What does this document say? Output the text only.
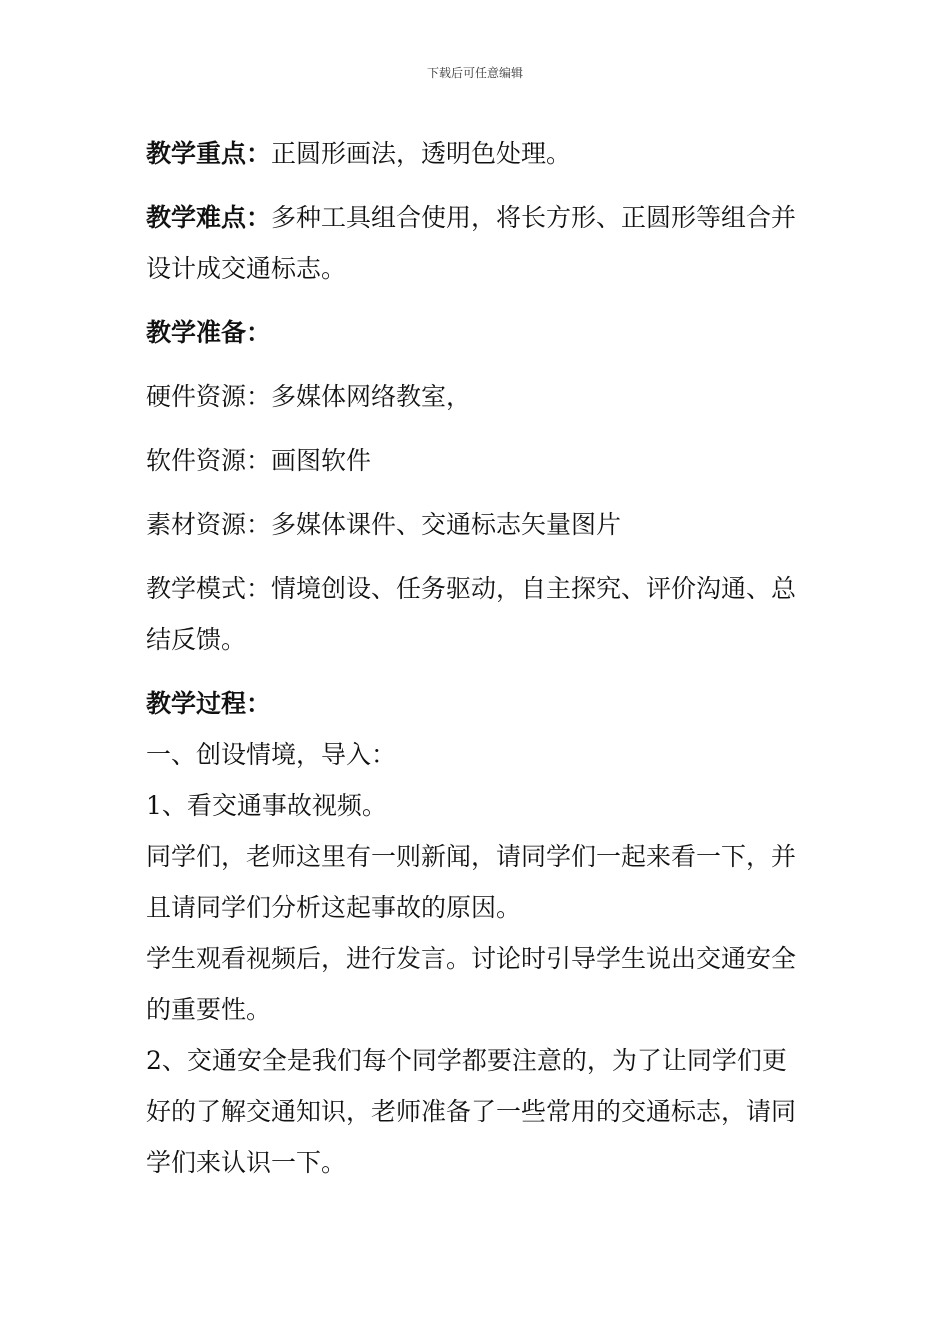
下载后可任意编辑

教学重点：正圆形画法，透明色处理。

教学难点：多种工具组合使用，将长方形、正圆形等组合并设计成交通标志。

教学准备：

硬件资源：多媒体网络教室，

软件资源：画图软件

素材资源：多媒体课件、交通标志矢量图片

教学模式：情境创设、任务驱动，自主探究、评价沟通、总结反馈。

教学过程：

一、创设情境，导入：

1、看交通事故视频。

同学们，老师这里有一则新闻，请同学们一起来看一下，并且请同学们分析这起事故的原因。

学生观看视频后，进行发言。讨论时引导学生说出交通安全的重要性。

2、交通安全是我们每个同学都要注意的，为了让同学们更好的了解交通知识，老师准备了一些常用的交通标志，请同学们来认识一下。
